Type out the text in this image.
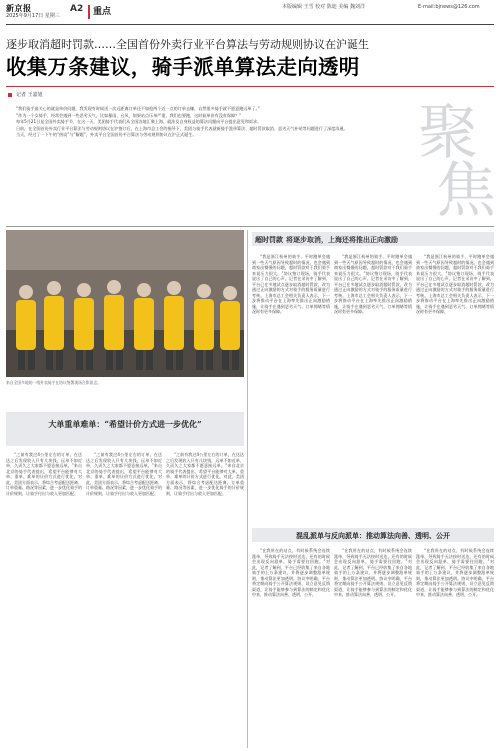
新京报
2025年9月17日 星期三
A2 重点	本版编辑 王雪 校对 陈迪 美编 魏刘洋	E-mail:bjnews@126.com
逐步取消超时罚款……全国首份外卖行业平台算法与劳动规则协议在沪诞生
收集万条建议，骑手派单算法走向透明
记者 王嘉旭

“我们骑手最关心的就是单价问题，我发现有时候送一次远距离订单还不如抢两个近一点的订单去赚，自然很多骑手就不愿意跑远单了。”

“作为一个女骑手，经常会遇到一些恶劣天气，比如暴雨、台风，如果站点压单严重，我们也要跑，这时候单价有没有保障？”

每年5月21日是全国外卖骑手节，在这一天，美团骑手代表们从全国各地汇聚上海，就涉及自身权益的算法问题向平台提出意见和诉求。

日前，在全国首份外卖行业平台算法与劳动规则协议在沪签订后，在上海市总工会的指导下，美团与骑手代表就新骑手派单算法、超时罚款取消、恶劣天气补贴等问题进行了深度沟通。

当天，经过了一下午的“热谈”与“解题”，外卖平台全国首份平台算法与劳动规则协议在沪正式诞生。	聚
焦
来自全国多地的一线外卖骑手在协议签署现场合影留念。
超时罚款 将逐步取消，上海还将推出正向激励

“我是浙江杭州的骑手，平时跑单会遇到一些天气原因导致超时的情况，也会遇到商家出餐慢的问题，超时罚款对于我们骑手来说压力很大。”协议签订现场，骑手代表说出了自己的心声。记者在采访中了解到，平台已在多地试点逐步取消超时罚款，改为通过正向激励的方式对骑手的服务质量进行考核。上海市总工会相关负责人表示，下一步将推动平台在上海率先推出正向激励措施，让骑手在遇到恶劣天气、订单拥堵等情况时有更多保障。

“我是浙江杭州的骑手，平时跑单会遇到一些天气原因导致超时的情况，也会遇到商家出餐慢的问题，超时罚款对于我们骑手来说压力很大。”协议签订现场，骑手代表说出了自己的心声。记者在采访中了解到，平台已在多地试点逐步取消超时罚款，改为通过正向激励的方式对骑手的服务质量进行考核。上海市总工会相关负责人表示，下一步将推动平台在上海率先推出正向激励措施，让骑手在遇到恶劣天气、订单拥堵等情况时有更多保障。

“我是浙江杭州的骑手，平时跑单会遇到一些天气原因导致超时的情况，也会遇到商家出餐慢的问题，超时罚款对于我们骑手来说压力很大。”协议签订现场，骑手代表说出了自己的心声。记者在采访中了解到，平台已在多地试点逐步取消超时罚款，改为通过正向激励的方式对骑手的服务质量进行考核。上海市总工会相关负责人表示，下一步将推动平台在上海率先推出正向激励措施，让骑手在遇到恶劣天气、订单拥堵等情况时有更多保障。

大单重单难单：“希望计价方式进一步优化”

“之前有我过4公里左右的订单，在送达之后发现收入只有几块钱，远单不如近单，久而久之大家都不愿意接远单。”来自北京的骑手代表提出，希望平台能够对大单、重单、难单的计价方式进行优化。对此，美团方面表示，将综合考虑配送距离、订单重量、路况等因素，进一步优化骑手的计价规则，让骑手付出与收入更加匹配。

“之前有我过4公里左右的订单，在送达之后发现收入只有几块钱，远单不如近单，久而久之大家都不愿意接远单。”来自北京的骑手代表提出，希望平台能够对大单、重单、难单的计价方式进行优化。对此，美团方面表示，将综合考虑配送距离、订单重量、路况等因素，进一步优化骑手的计价规则，让骑手付出与收入更加匹配。

“之前有我过4公里左右的订单，在送达之后发现收入只有几块钱，远单不如近单，久而久之大家都不愿意接远单。”来自北京的骑手代表提出，希望平台能够对大单、重单、难单的计价方式进行优化。对此，美团方面表示，将综合考虑配送距离、订单重量、路况等因素，进一步优化骑手的计价规则，让骑手付出与收入更加匹配。

混乱派单与反向派单：推动算法向善、透明、公开

“在我所在的站点，有时候系统会连续派单，导致骑手无法按时送达，还有的时候会出现反向派单，骑手需要往回跑。”对此，记者了解到，平台已经收集了来自各地骑手的上万条建议，并将逐步调整派单规则，推动算法更加透明。协议中明确，平台将定期向骑手公开算法规则，设立意见反馈渠道，让骑手能够参与到算法的制定和优化中来，推动算法向善、透明、公开。

“在我所在的站点，有时候系统会连续派单，导致骑手无法按时送达，还有的时候会出现反向派单，骑手需要往回跑。”对此，记者了解到，平台已经收集了来自各地骑手的上万条建议，并将逐步调整派单规则，推动算法更加透明。协议中明确，平台将定期向骑手公开算法规则，设立意见反馈渠道，让骑手能够参与到算法的制定和优化中来，推动算法向善、透明、公开。

“在我所在的站点，有时候系统会连续派单，导致骑手无法按时送达，还有的时候会出现反向派单，骑手需要往回跑。”对此，记者了解到，平台已经收集了来自各地骑手的上万条建议，并将逐步调整派单规则，推动算法更加透明。协议中明确，平台将定期向骑手公开算法规则，设立意见反馈渠道，让骑手能够参与到算法的制定和优化中来，推动算法向善、透明、公开。
